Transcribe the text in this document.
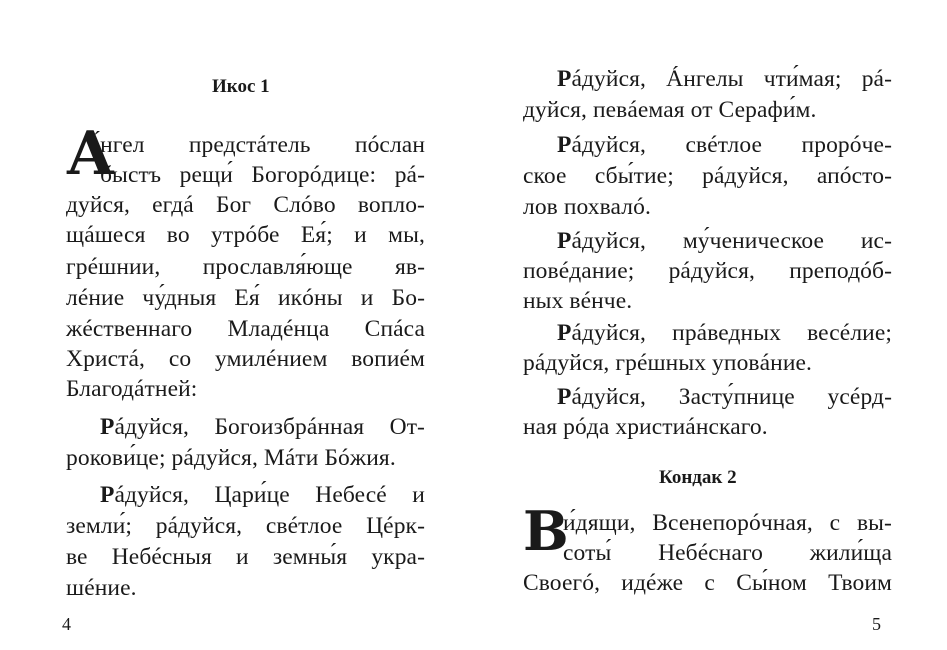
Икос 1
А
́нгел предстáтель пóслан
быстъ рещи́ Богорóдице: рá-
дуйся, егдá Бог Слóво вопло-
щáшеся во утрóбе Ея́; и мы,
грéшнии, прославля́юще яв-
лéние чу́дныя Ея́ икóны и Бо-
жéственнаго Младéнца Спáса
Христá, со умилéнием вопиéм
Благодáтней:
Рáдуйся, Богоизбрáнная От-
рокови́це; рáдуйся, Мáти Бóжия.
Рáдуйся, Цари́це Небесé и
земли́; рáдуйся, свéтлое Цéрк-
ве Небéсныя и земны́я укра-
шéние.
4
Рáдуйся, Áнгелы чти́мая; рá-
дуйся, певáемая от Серафи́м.
Рáдуйся, свéтлое прорóче-
ское сбы́тие; рáдуйся, апóсто-
лов похвалó.
Рáдуйся, му́ченическое ис-
повéдание; рáдуйся, преподóб-
ных вéнче.
Рáдуйся, прáведных весéлие;
рáдуйся, грéшных уповáние.
Рáдуйся, Засту́пнице усéрд-
ная рóда христиáнскаго.
Кондак 2
В
и́дящи, Всенепорóчная, с вы-
соты́ Небéснаго жили́ща
Своегó, идéже с Сы́ном Твоим
5
